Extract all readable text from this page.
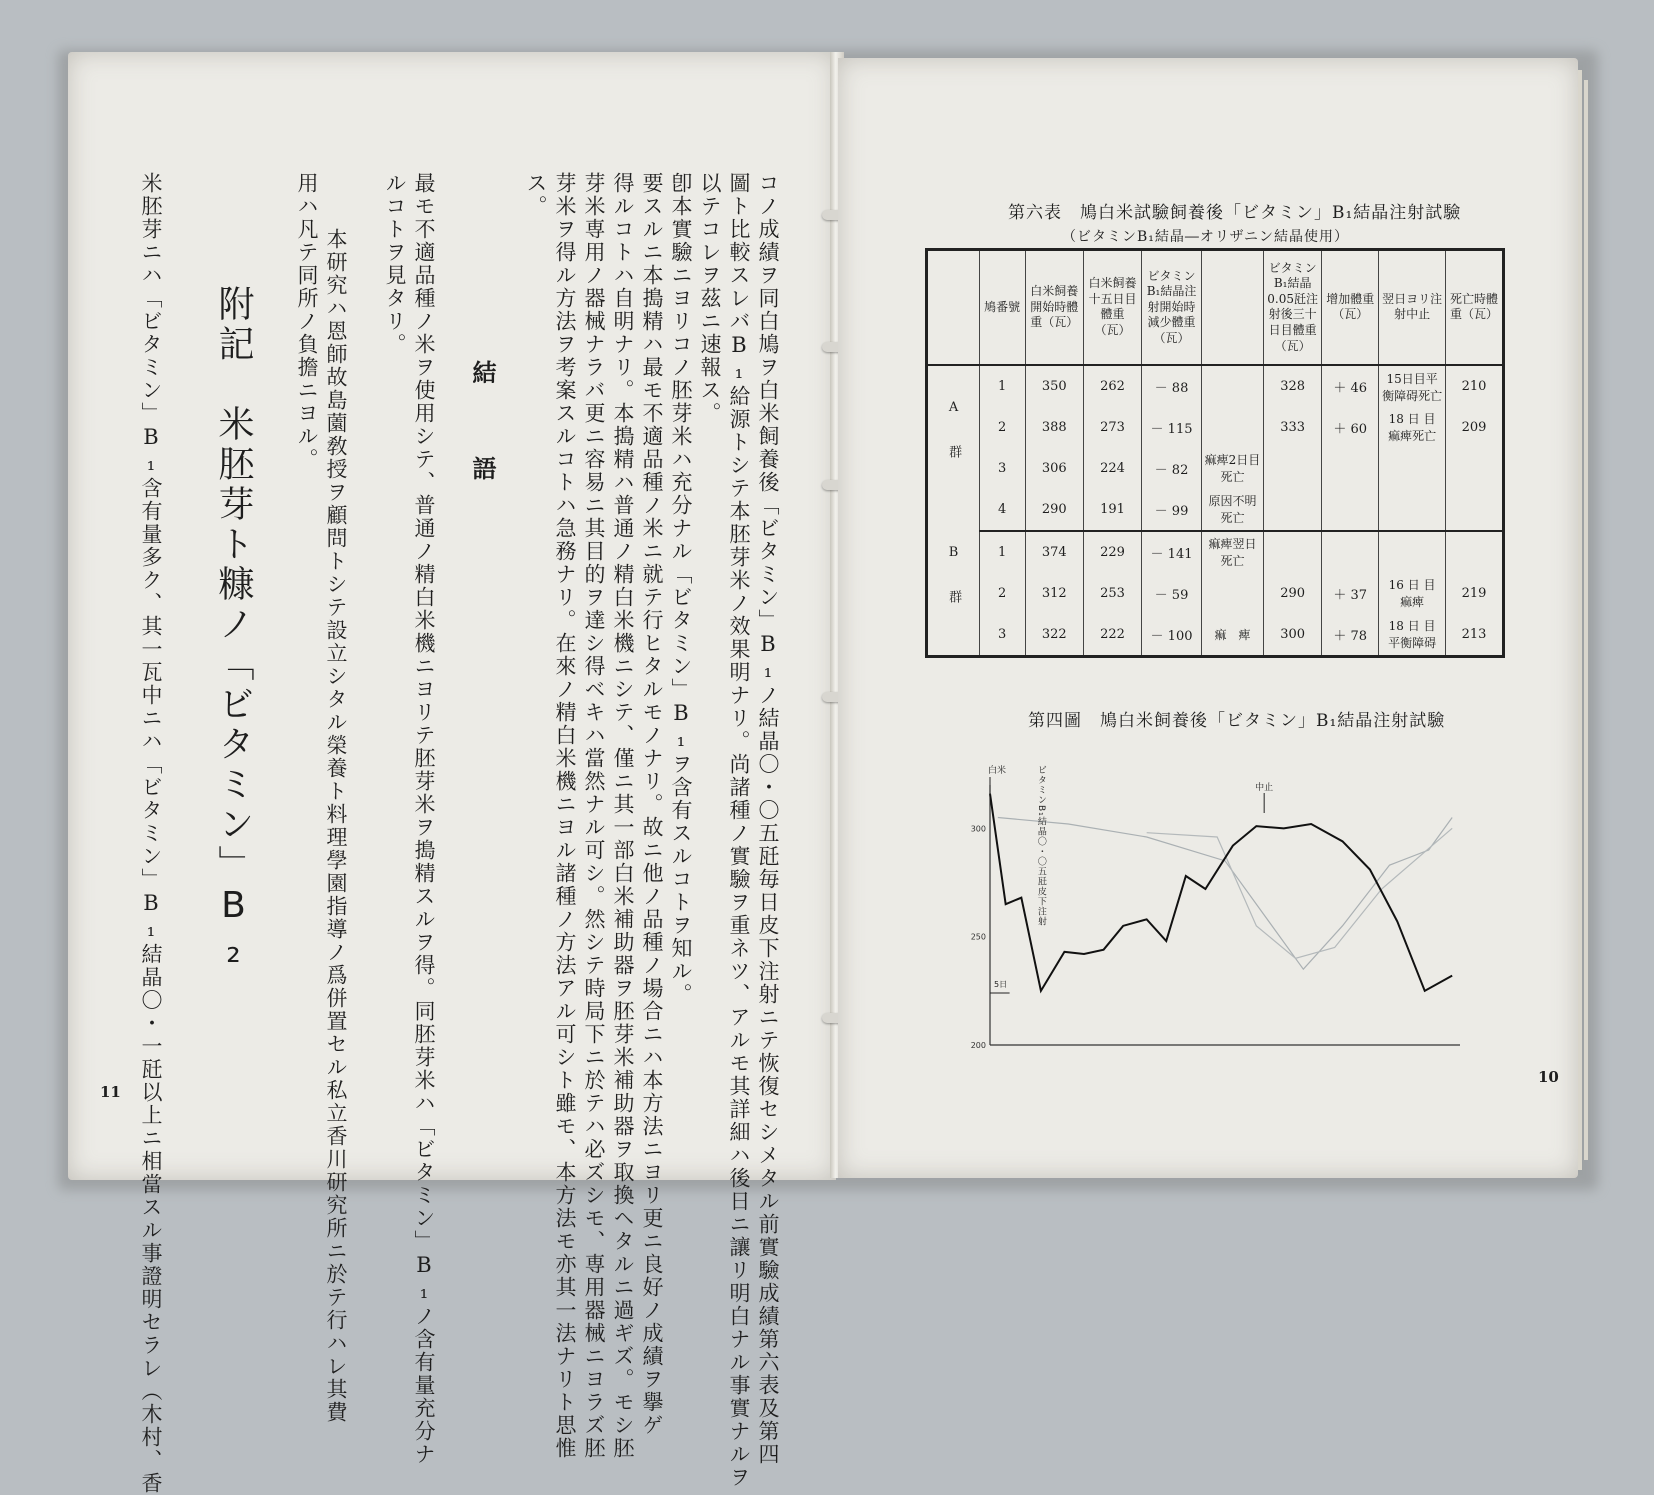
コノ成績ヲ同白鳩ヲ白米飼養後「ビタミン」B₁ノ結晶〇・〇五瓩毎日皮下注射ニテ恢復セシメタル前實驗成績第六表及第四
圖ト比較スレバB₁給源トシテ本胚芽米ノ效果明ナリ。尚諸種ノ實驗ヲ重ネツ、アルモ其詳細ハ後日ニ讓リ明白ナル事實ナルヲ
以テコレヲ茲ニ速報ス。
卽本實驗ニヨリコノ胚芽米ハ充分ナル「ビタミン」B₁ヲ含有スルコトヲ知ル。
要スルニ本搗精ハ最モ不適品種ノ米ニ就テ行ヒタルモノナリ。故ニ他ノ品種ノ場合ニハ本方法ニヨリ更ニ良好ノ成績ヲ擧ゲ
得ルコトハ自明ナリ。本搗精ハ普通ノ精白米機ニシテ、僅ニ其一部白米補助器ヲ胚芽米補助器ヲ取換ヘタルニ過ギズ。モシ胚
芽米専用ノ器械ナラバ更ニ容易ニ其目的ヲ達シ得ベキハ當然ナル可シ。然シテ時局下ニ於テハ必ズシモ、専用器械ニヨラズ胚
芽米ヲ得ル方法ヲ考案スルコトハ急務ナリ。在來ノ精白米機ニヨル諸種ノ方法アル可シト雖モ、本方法モ亦其一法ナリト思惟
ス。
結　語
最モ不適品種ノ米ヲ使用シテ、普通ノ精白米機ニヨリテ胚芽米ヲ搗精スルヲ得。同胚芽米ハ「ビタミン」B₁ノ含有量充分ナ
ルコトヲ見タリ。
本研究ハ恩師故島薗敎授ヲ顧問トシテ設立シタル榮養ト料理學園指導ノ爲併置セル私立香川研究所ニ於テ行ハレ其費
用ハ凡テ同所ノ負擔ニヨル。
附記　米胚芽ト糠ノ「ビタミン」B₂
米胚芽ニハ「ビタミン」B₁含有量多ク、其一瓦中ニハ「ビタミン」B₁結晶〇・一瓩以上ニ相當スル事證明セラレ（木村、香
11
第六表　鳩白米試驗飼養後「ビタミン」B₁結晶注射試驗
（ビタミンB₁結晶―オリザニン結晶使用）
	鳩番號	白米飼養開始時體重（瓦）	白米飼養十五日目體重（瓦）	ビタミンB₁結晶注射開始時減少體重（瓦）		ビタミンB₁結晶0.05瓩注射後三十日目體重（瓦）	增加體重（瓦）	翌日ヨリ注射中止	死亡時體重（瓦）
A群	1	350	262	－ 88		328	＋ 46	15日目平衡障碍死亡	210
	2	388	273	－ 115		333	＋ 60	18 日 目 痲痺死亡	209
	3	306	224	－ 82	痲痺2日目死亡				
	4	290	191	－ 99	原因不明死亡				
B群	1	374	229	－ 141	痲痺翌日死亡				
	2	312	253	－ 59		290	＋ 37	16 日 目 痲痺	219
	3	322	222	－ 100	痲　痺	300	＋ 78	18 日 目 平衡障碍	213
第四圖　鳩白米飼養後「ビタミン」B₁結晶注射試驗
300
250
200
白米	ビタミンB₁結晶〇・〇五瓩皮下注射	中止
5日
10
